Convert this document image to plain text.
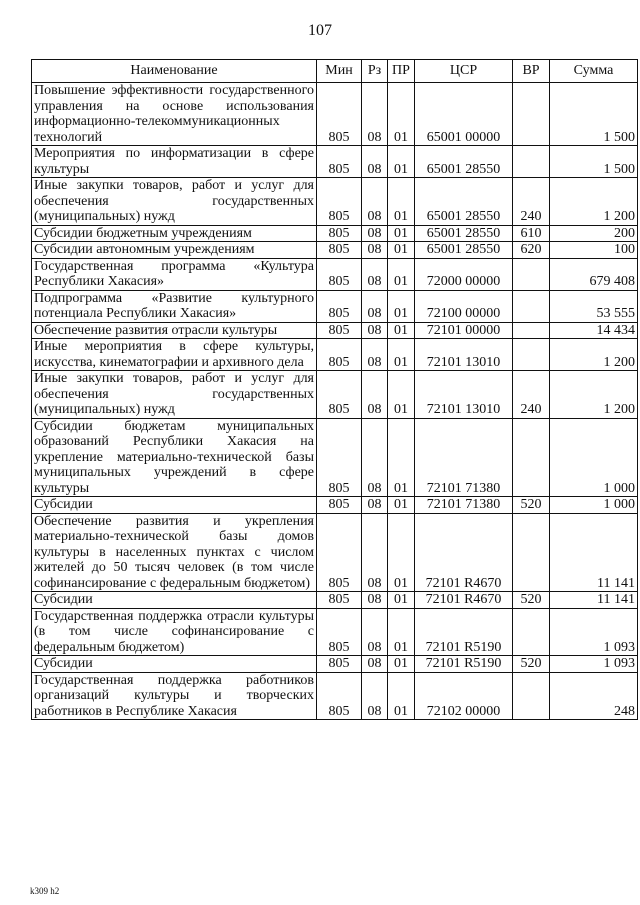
107
Наименование	Мин	Рз	ПР	ЦСР	ВР	Сумма
Повышение эффективности государственного управления на основе использования информационно-телекоммуникационных технологий	805	08	01	65001 00000		1 500
Мероприятия по информатизации в сфере культуры	805	08	01	65001 28550		1 500
Иные закупки товаров, работ и услуг для обеспечения государственных (муниципальных) нужд	805	08	01	65001 28550	240	1 200
Субсидии бюджетным учреждениям	805	08	01	65001 28550	610	200
Субсидии автономным учреждениям	805	08	01	65001 28550	620	100
Государственная программа «Культура Республики Хакасия»	805	08	01	72000 00000		679 408
Подпрограмма «Развитие культурного потенциала Республики Хакасия»	805	08	01	72100 00000		53 555
Обеспечение развития отрасли культуры	805	08	01	72101 00000		14 434
Иные мероприятия в сфере культуры, искусства, кинематографии и архивного дела	805	08	01	72101 13010		1 200
Иные закупки товаров, работ и услуг для обеспечения государственных (муниципальных) нужд	805	08	01	72101 13010	240	1 200
Субсидии бюджетам муниципальных образований Республики Хакасия на укрепление материально-технической базы муниципальных учреждений в сфере культуры	805	08	01	72101 71380		1 000
Субсидии	805	08	01	72101 71380	520	1 000
Обеспечение развития и укрепления материально-технической базы домов культуры в населенных пунктах с числом жителей до 50 тысяч человек (в том числе софинансирование с федеральным бюджетом)	805	08	01	72101 R4670		11 141
Субсидии	805	08	01	72101 R4670	520	11 141
Государственная поддержка отрасли культуры (в том числе софинансирование с федеральным бюджетом)	805	08	01	72101 R5190		1 093
Субсидии	805	08	01	72101 R5190	520	1 093
Государственная поддержка работников организаций культуры и творческих работников в Республике Хакасия	805	08	01	72102 00000		248
k309 h2
